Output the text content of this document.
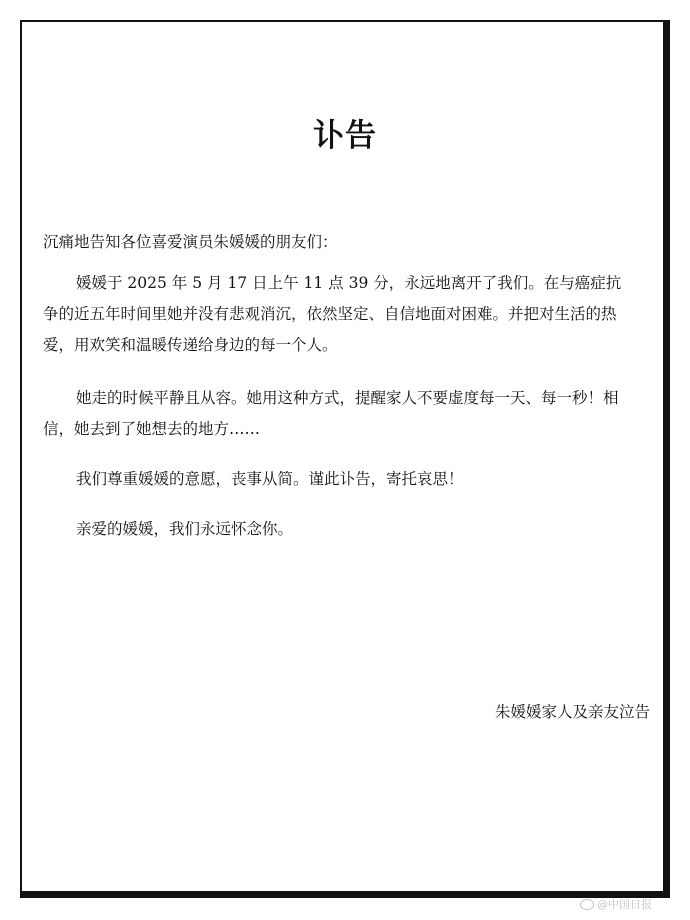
讣告
沉痛地告知各位喜爱演员朱媛媛的朋友们：

媛媛于 2025 年 5 月 17 日上午 11 点 39 分，永远地离开了我们。在与癌症抗争的近五年时间里她并没有悲观消沉，依然坚定、自信地面对困难。并把对生活的热爱，用欢笑和温暖传递给身边的每一个人。

她走的时候平静且从容。她用这种方式，提醒家人不要虚度每一天、每一秒！相信，她去到了她想去的地方……

我们尊重媛媛的意愿，丧事从简。谨此讣告，寄托哀思！

亲爱的媛媛，我们永远怀念你。

朱媛媛家人及亲友泣告
@中国日报
